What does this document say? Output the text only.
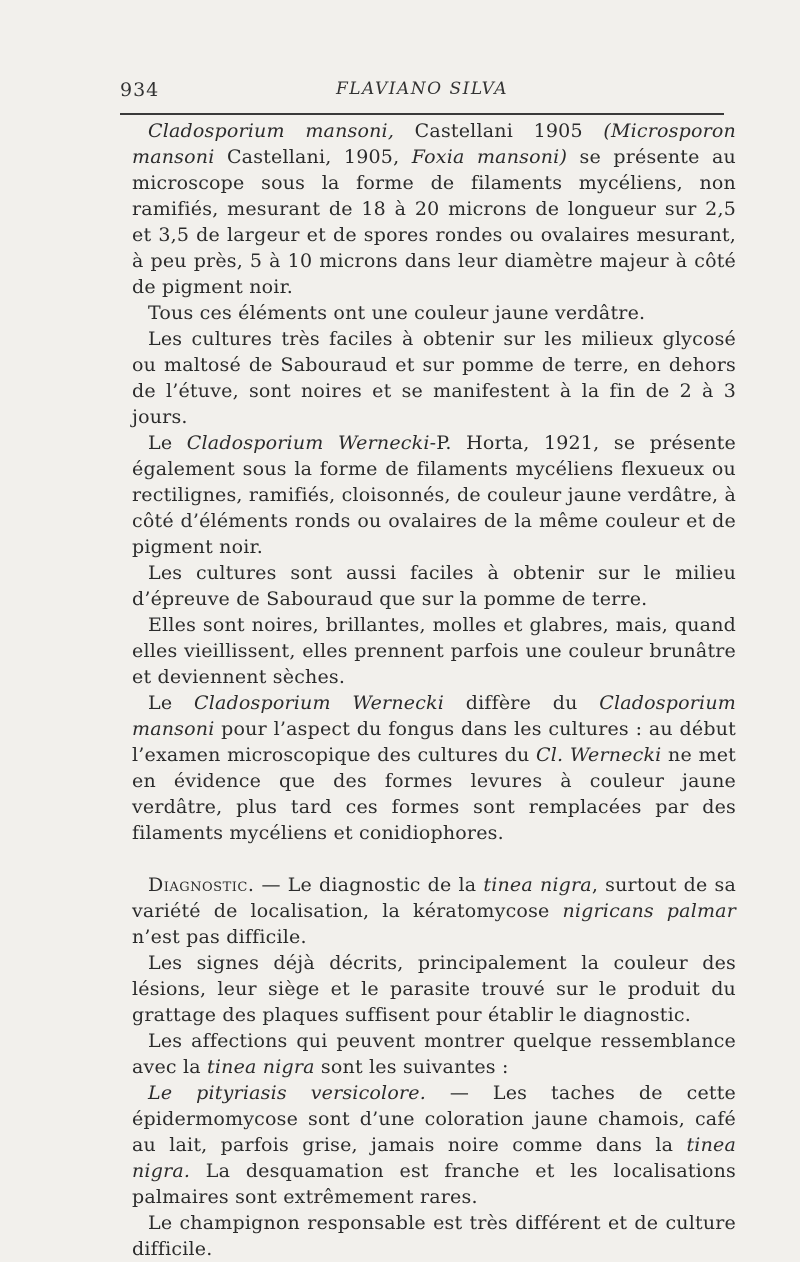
934	FLAVIANO SILVA

Cladosporium mansoni, Castellani 1905 (Microsporon mansoni Castellani, 1905, Foxia mansoni) se présente au microscope sous la forme de filaments mycéliens, non ramifiés, mesurant de 18 à 20 microns de longueur sur 2,5 et 3,5 de largeur et de spores rondes ou ovalaires mesurant, à peu près, 5 à 10 microns dans leur diamètre majeur à côté de pigment noir.

Tous ces éléments ont une couleur jaune verdâtre.

Les cultures très faciles à obtenir sur les milieux glycosé ou maltosé de Sabouraud et sur pomme de terre, en dehors de l’étuve, sont noires et se manifestent à la fin de 2 à 3 jours.

Le Cladosporium Wernecki-P. Horta, 1921, se présente également sous la forme de filaments mycéliens flexueux ou rectilignes, ramifiés, cloisonnés, de couleur jaune verdâtre, à côté d’éléments ronds ou ovalaires de la même couleur et de pigment noir.

Les cultures sont aussi faciles à obtenir sur le milieu d’épreuve de Sabouraud que sur la pomme de terre.

Elles sont noires, brillantes, molles et glabres, mais, quand elles vieillissent, elles prennent parfois une couleur brunâtre et deviennent sèches.

Le Cladosporium Wernecki diffère du Cladosporium mansoni pour l’aspect du fongus dans les cultures : au début l’examen microscopique des cultures du Cl. Wernecki ne met en évidence que des formes levures à couleur jaune verdâtre, plus tard ces formes sont remplacées par des filaments mycéliens et conidiophores.

Diagnostic. — Le diagnostic de la tinea nigra, surtout de sa variété de localisation, la kératomycose nigricans palmar n’est pas difficile.

Les signes déjà décrits, principalement la couleur des lésions, leur siège et le parasite trouvé sur le produit du grattage des plaques suffisent pour établir le diagnostic.

Les affections qui peuvent montrer quelque ressemblance avec la tinea nigra sont les suivantes :

Le pityriasis versicolore. — Les taches de cette épidermomycose sont d’une coloration jaune chamois, café au lait, parfois grise, jamais noire comme dans la tinea nigra. La desquamation est franche et les localisations palmaires sont extrêmement rares.

Le champignon responsable est très différent et de culture difficile.
